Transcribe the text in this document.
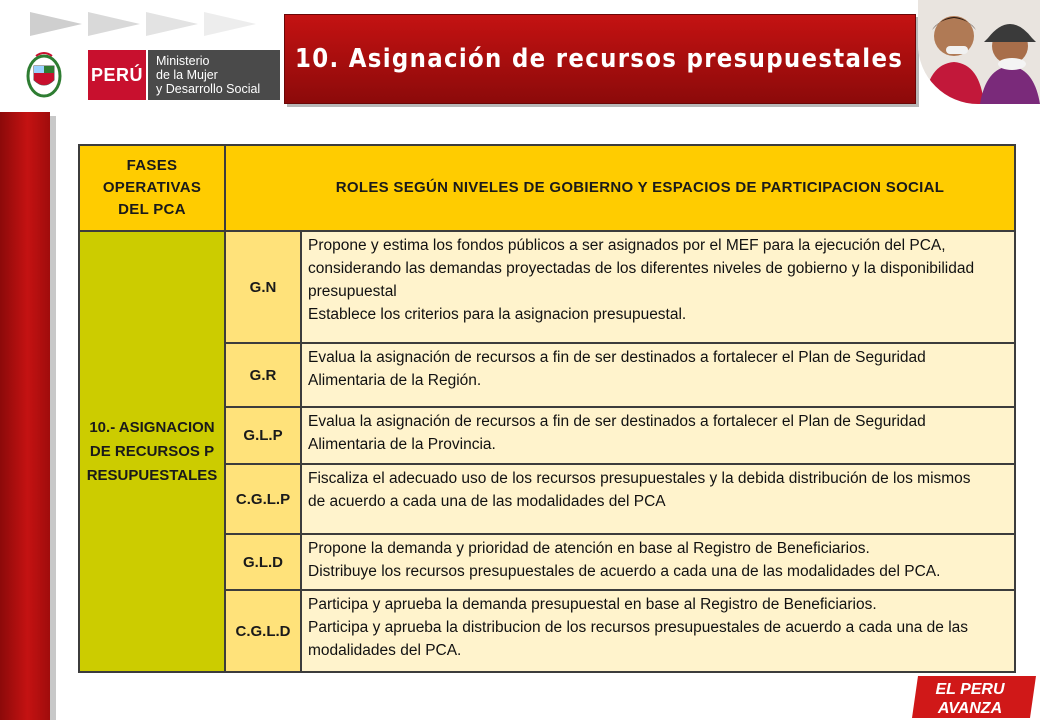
PERÚ
Ministerio
de la Mujer
y Desarrollo Social
10. Asignación de recursos presupuestales
FASES OPERATIVAS DEL PCA	ROLES SEGÚN NIVELES DE GOBIERNO Y ESPACIOS DE PARTICIPACION SOCIAL	

10.- ASIGNACION DE RECURSOS PRESUPUESTALES	G.N	Propone y estima los fondos públicos a ser asignados por el MEF para la ejecución del PCA,
considerando las demandas proyectadas de los diferentes niveles de gobierno y la disponibilidad
presupuestal
Establece los criterios para la asignacion presupuestal.

	G.R	Evalua la asignación de recursos a fin de ser destinados a fortalecer el Plan de Seguridad
Alimentaria de la Región.

	G.L.P	Evalua la asignación de recursos a fin de ser destinados a fortalecer el Plan de Seguridad
Alimentaria de la Provincia.

	C.G.L.P	Fiscaliza el adecuado uso de los recursos presupuestales y la debida distribución de los mismos
de acuerdo a cada una de las modalidades del PCA

	G.L.D	Propone la demanda y prioridad de atención en base al Registro de Beneficiarios.
Distribuye los recursos presupuestales de acuerdo a cada una de las modalidades del PCA.

	C.G.L.D	Participa y aprueba la demanda presupuestal en base al Registro de Beneficiarios.
Participa y aprueba la distribucion de los recursos presupuestales de acuerdo a cada una de las
modalidades del PCA.
EL PERU
AVANZA
